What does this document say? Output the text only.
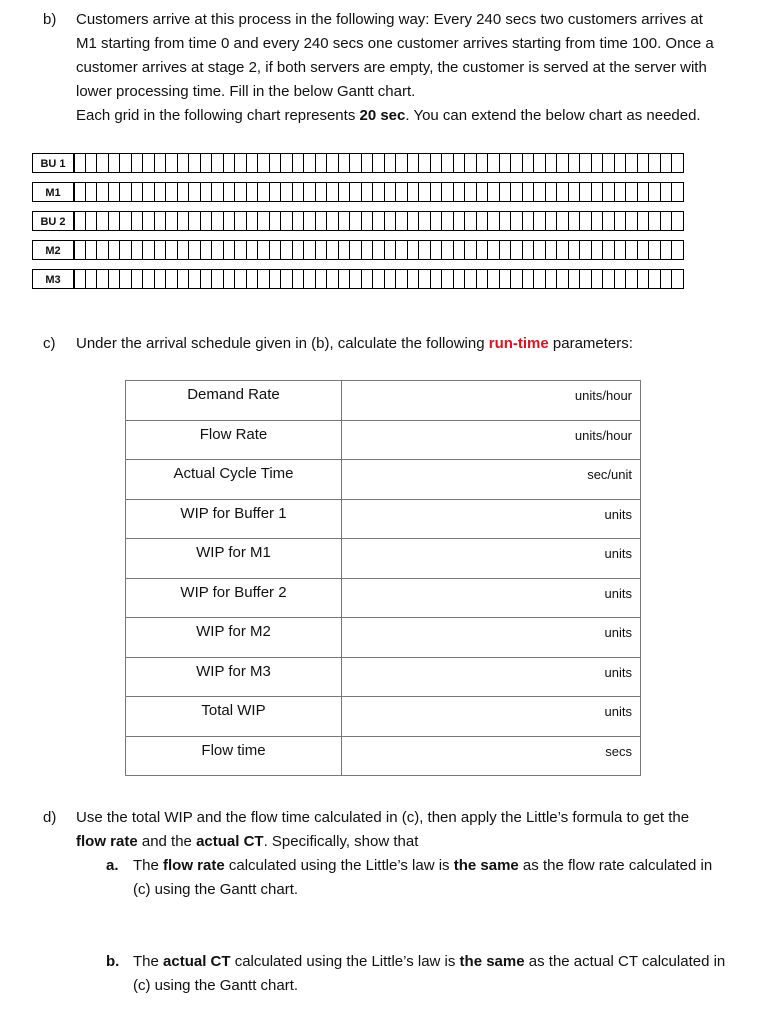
b) Customers arrive at this process in the following way: Every 240 secs two customers arrives at
M1 starting from time 0 and every 240 secs one customer arrives starting from time 100. Once a
customer arrives at stage 2, if both servers are empty, the customer is served at the server with
lower processing time. Fill in the below Gantt chart.
Each grid in the following chart represents 20 sec. You can extend the below chart as needed.
BU 1
M1
BU 2
M2
M3
c) Under the arrival schedule given in (b), calculate the following run-time parameters:
Demand Rate	units/hour
Flow Rate	units/hour
Actual Cycle Time	sec/unit
WIP for Buffer 1	units
WIP for M1	units
WIP for Buffer 2	units
WIP for M2	units
WIP for M3	units
Total WIP	units
Flow time	secs
d) Use the total WIP and the flow time calculated in (c), then apply the Little’s formula to get the
flow rate and the actual CT. Specifically, show that
a. The flow rate calculated using the Little’s law is the same as the flow rate calculated in
(c) using the Gantt chart.
b. The actual CT calculated using the Little’s law is the same as the actual CT calculated in
(c) using the Gantt chart.
